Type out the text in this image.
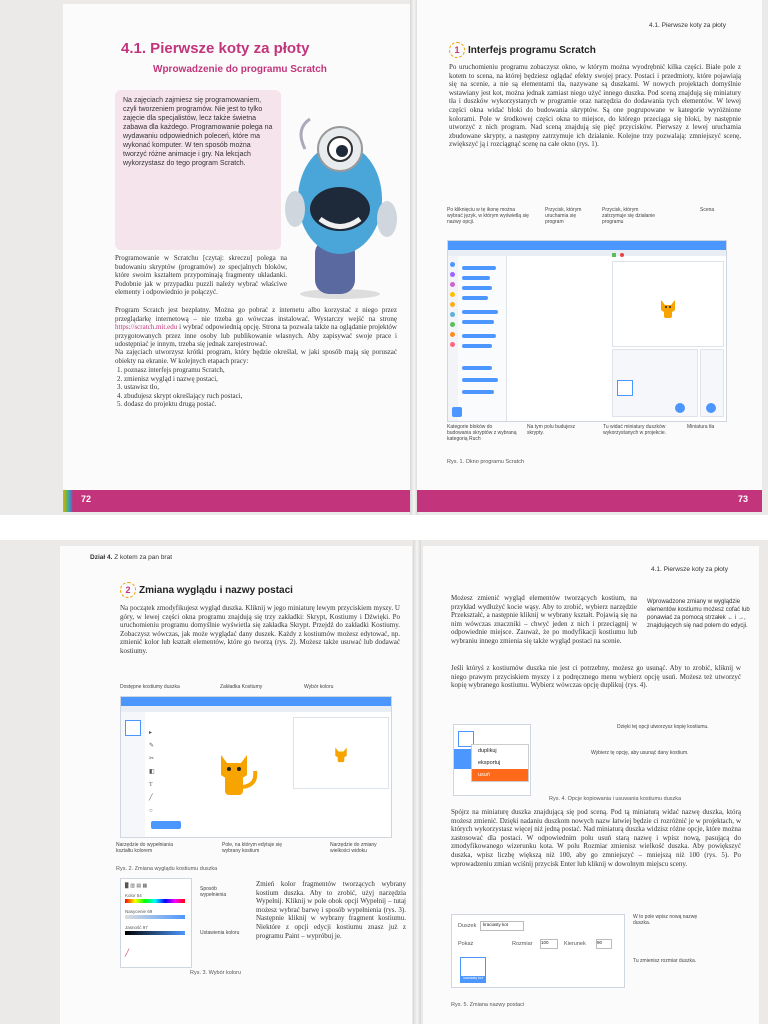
4.1. Pierwsze koty za płoty
Wprowadzenie do programu Scratch
Na zajęciach zajmiesz się programowaniem, czyli tworzeniem programów. Nie jest to tylko zajęcie dla specjalistów, lecz także świetna zabawa dla każdego. Programowanie polega na wydawaniu odpowiednich poleceń, które ma wykonać komputer. W ten sposób można tworzyć różne animacje i gry. Na lekcjach wykorzystasz do tego program Scratch.
Programowanie w Scratchu [czytaj: skreczu] polega na budowaniu skryptów (programów) ze specjalnych bloków, które swoim kształtem przypominają fragmenty układanki. Podobnie jak w przypadku puzzli należy wybrać właściwe elementy i odpowiednio je połączyć.
Program Scratch jest bezpłatny. Można go pobrać z internetu albo korzystać z niego przez przeglądarkę internetową – nie trzeba go wówczas instalować. Wystarczy wejść na stronę https://scratch.mit.edu i wybrać odpowiednią opcję. Strona ta pozwala także na oglądanie projektów przygotowanych przez inne osoby lub publikowanie własnych. Aby zapisywać swoje prace i udostępniać je innym, trzeba się jednak zarejestrować.
Na zajęciach utworzysz krótki program, który będzie określał, w jaki sposób mają się poruszać obiekty na ekranie. W kolejnych etapach pracy:
1. poznasz interfejs programu Scratch,
2. zmienisz wygląd i nazwę postaci,
3. ustawisz tło,
4. zbudujesz skrypt określający ruch postaci,
5. dodasz do projektu drugą postać.
72
4.1. Pierwsze koty za płoty
1 Interfejs programu Scratch
Po uruchomieniu programu zobaczysz okno, w którym można wyodrębnić kilka części. Białe pole z kotem to scena, na której będziesz oglądać efekty swojej pracy. Postaci i przedmioty, które pojawiają się na scenie, a nie są elementami tła, nazywane są duszkami. W nowych projektach domyślnie wstawiany jest kot, można jednak zamiast niego użyć innego duszka. Pod sceną znajdują się miniatury tła i duszków wykorzystanych w programie oraz narzędzia do dodawania tych elementów. W lewej części okna widać bloki do budowania skryptów. Są one pogrupowane w kategorie wyróżnione kolorami. Pole w środkowej części okna to miejsce, do którego przeciąga się bloki, by następnie utworzyć z nich program. Nad sceną znajdują się pięć przycisków. Pierwszy z lewej uruchamia zbudowane skrypty, a następny zatrzymuje ich działanie. Kolejne trzy pozwalają: zmniejszyć scenę, zwiększyć ją i rozciągnąć scenę na całe okno (rys. 1).
Po kliknięciu w tę ikonę można wybrać język, w którym wyświetlą się nazwy opcji.
Przycisk, którym uruchamia się program
Przycisk, którym zatrzymuje się działanie programu
Scena
Kategorie bloków do budowania skryptów z wybraną kategorią Ruch
Na tym polu budujesz skrypty.
Tu widać miniatury duszków wykorzystanych w projekcie.
Miniatura tła
Rys. 1. Okno programu Scratch
73
Dział 4. Z kotem za pan brat
2 Zmiana wyglądu i nazwy postaci
Na początek zmodyfikujesz wygląd duszka. Kliknij w jego miniaturę lewym przyciskiem myszy. U góry, w lewej części okna programu znajdują się trzy zakładki: Skrypt, Kostiumy i Dźwięki. Po uruchomieniu programu domyślnie wyświetla się zakładka Skrypt. Przejdź do zakładki Kostiumy. Zobaczysz wówczas, jak może wyglądać dany duszek. Każdy z kostiumów możesz edytować, np. zmienić kolor lub kształt elementów, które go tworzą (rys. 2). Możesz także usuwać lub dodawać kostiumy.
Dostępne kostiumy duszka	Zakładka Kostiumy	Wybór koloru
▸
✎
✂
◧
T
╱
○
Narzędzie do wypełniania kształtu kolorem
Pole, na którym edytuje się wybrany kostium
Narzędzie do zmiany wielkości widoku
Rys. 2. Zmiana wyglądu kostiumu duszka
▉ ▥ ▤ ▦
Kolor 54
Nasycenie 69
Jasność 97
╱
Sposób wypełnienia
Ustawienia koloru
Rys. 3. Wybór koloru
Zmień kolor fragmentów tworzących wybrany kostium duszka. Aby to zrobić, użyj narzędzia Wypełnij. Kliknij w pole obok opcji Wypełnij – tutaj możesz wybrać barwę i sposób wypełnienia (rys. 3). Następnie kliknij w wybrany fragment kostiumu. Niektóre z opcji edycji kostiumu znasz już z programu Paint – wypróbuj je.
4.1. Pierwsze koty za płoty
Możesz zmienić wygląd elementów tworzących kostium, na przykład wydłużyć kocie wąsy. Aby to zrobić, wybierz narzędzie Przekształć, a następnie kliknij w wybrany kształt. Pojawią się na nim wówczas znaczniki – chwyć jeden z nich i przeciągnij w odpowiednie miejsce. Zauważ, że po modyfikacji kostiumu lub wybraniu innego zmienia się także wygląd postaci na scenie.
Wprowadzone zmiany w wyglądzie elementów kostiumu możesz cofać lub ponawiać za pomocą strzałek ← i →, znajdujących się nad polem do edycji.
Jeśli któryś z kostiumów duszka nie jest ci potrzebny, możesz go usunąć. Aby to zrobić, kliknij w niego prawym przyciskiem myszy i z podręcznego menu wybierz opcję usuń. Możesz też utworzyć kopię wybranego kostiumu. Wybierz wówczas opcję duplikuj (rys. 4).
duplikuj
eksportuj
usuń
Dzięki tej opcji utworzysz kopię kostiumu.
Wybierz tę opcję, aby usunąć dany kostium.
Rys. 4. Opcje kopiowania i usuwania kostiumu duszka
Spójrz na miniaturę duszka znajdującą się pod sceną. Pod tą miniaturą widać nazwę duszka, którą możesz zmienić. Dzięki nadaniu duszkom nowych nazw łatwiej będzie ci rozróżnić je w projektach, w których wykorzystasz więcej niż jedną postać. Nad miniaturą duszka widzisz różne opcje, które można zastosować dla postaci. W odpowiednim polu usuń starą nazwę i wpisz nową, pasującą do zmodyfikowanego wizerunku kota. W polu Rozmiar zmienisz wielkość duszka. Aby powiększyć duszka, wpisz liczbę większą niż 100, aby go zmniejszyć – mniejszą niż 100 (rys. 5). Po wprowadzeniu zmian wciśnij przycisk Enter lub kliknij w dowolnym miejscu sceny.
Duszek	kraciasty kot
Pokaż	Rozmiar 100	Kierunek	90
kraciasty kot
W to pole wpisz nową nazwę duszka.
Tu zmienisz rozmiar duszka.
Rys. 5. Zmiana nazwy postaci
